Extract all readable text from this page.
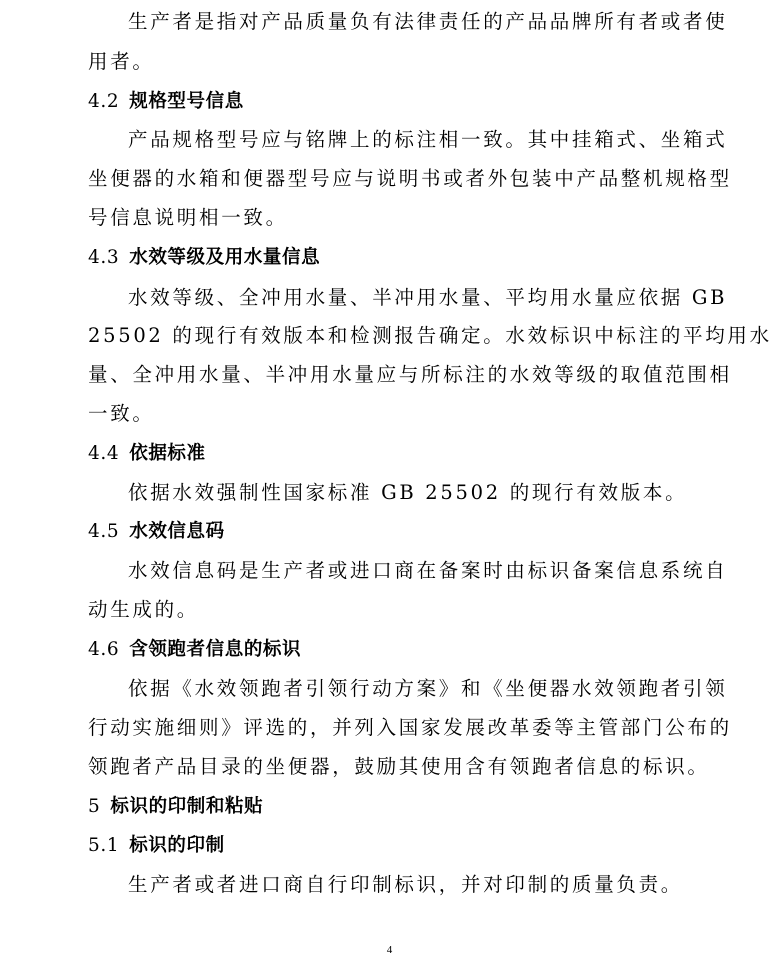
生产者是指对产品质量负有法律责任的产品品牌所有者或者使
用者。
4.2 规格型号信息
产品规格型号应与铭牌上的标注相一致。其中挂箱式、坐箱式
坐便器的水箱和便器型号应与说明书或者外包装中产品整机规格型
号信息说明相一致。
4.3 水效等级及用水量信息
水效等级、全冲用水量、半冲用水量、平均用水量应依据 GB
25502 的现行有效版本和检测报告确定。水效标识中标注的平均用水
量、全冲用水量、半冲用水量应与所标注的水效等级的取值范围相
一致。
4.4 依据标准
依据水效强制性国家标准 GB 25502 的现行有效版本。
4.5 水效信息码
水效信息码是生产者或进口商在备案时由标识备案信息系统自
动生成的。
4.6 含领跑者信息的标识
依据《水效领跑者引领行动方案》和《坐便器水效领跑者引领
行动实施细则》评选的，并列入国家发展改革委等主管部门公布的
领跑者产品目录的坐便器，鼓励其使用含有领跑者信息的标识。
5 标识的印制和粘贴
5.1 标识的印制
生产者或者进口商自行印制标识，并对印制的质量负责。
4
